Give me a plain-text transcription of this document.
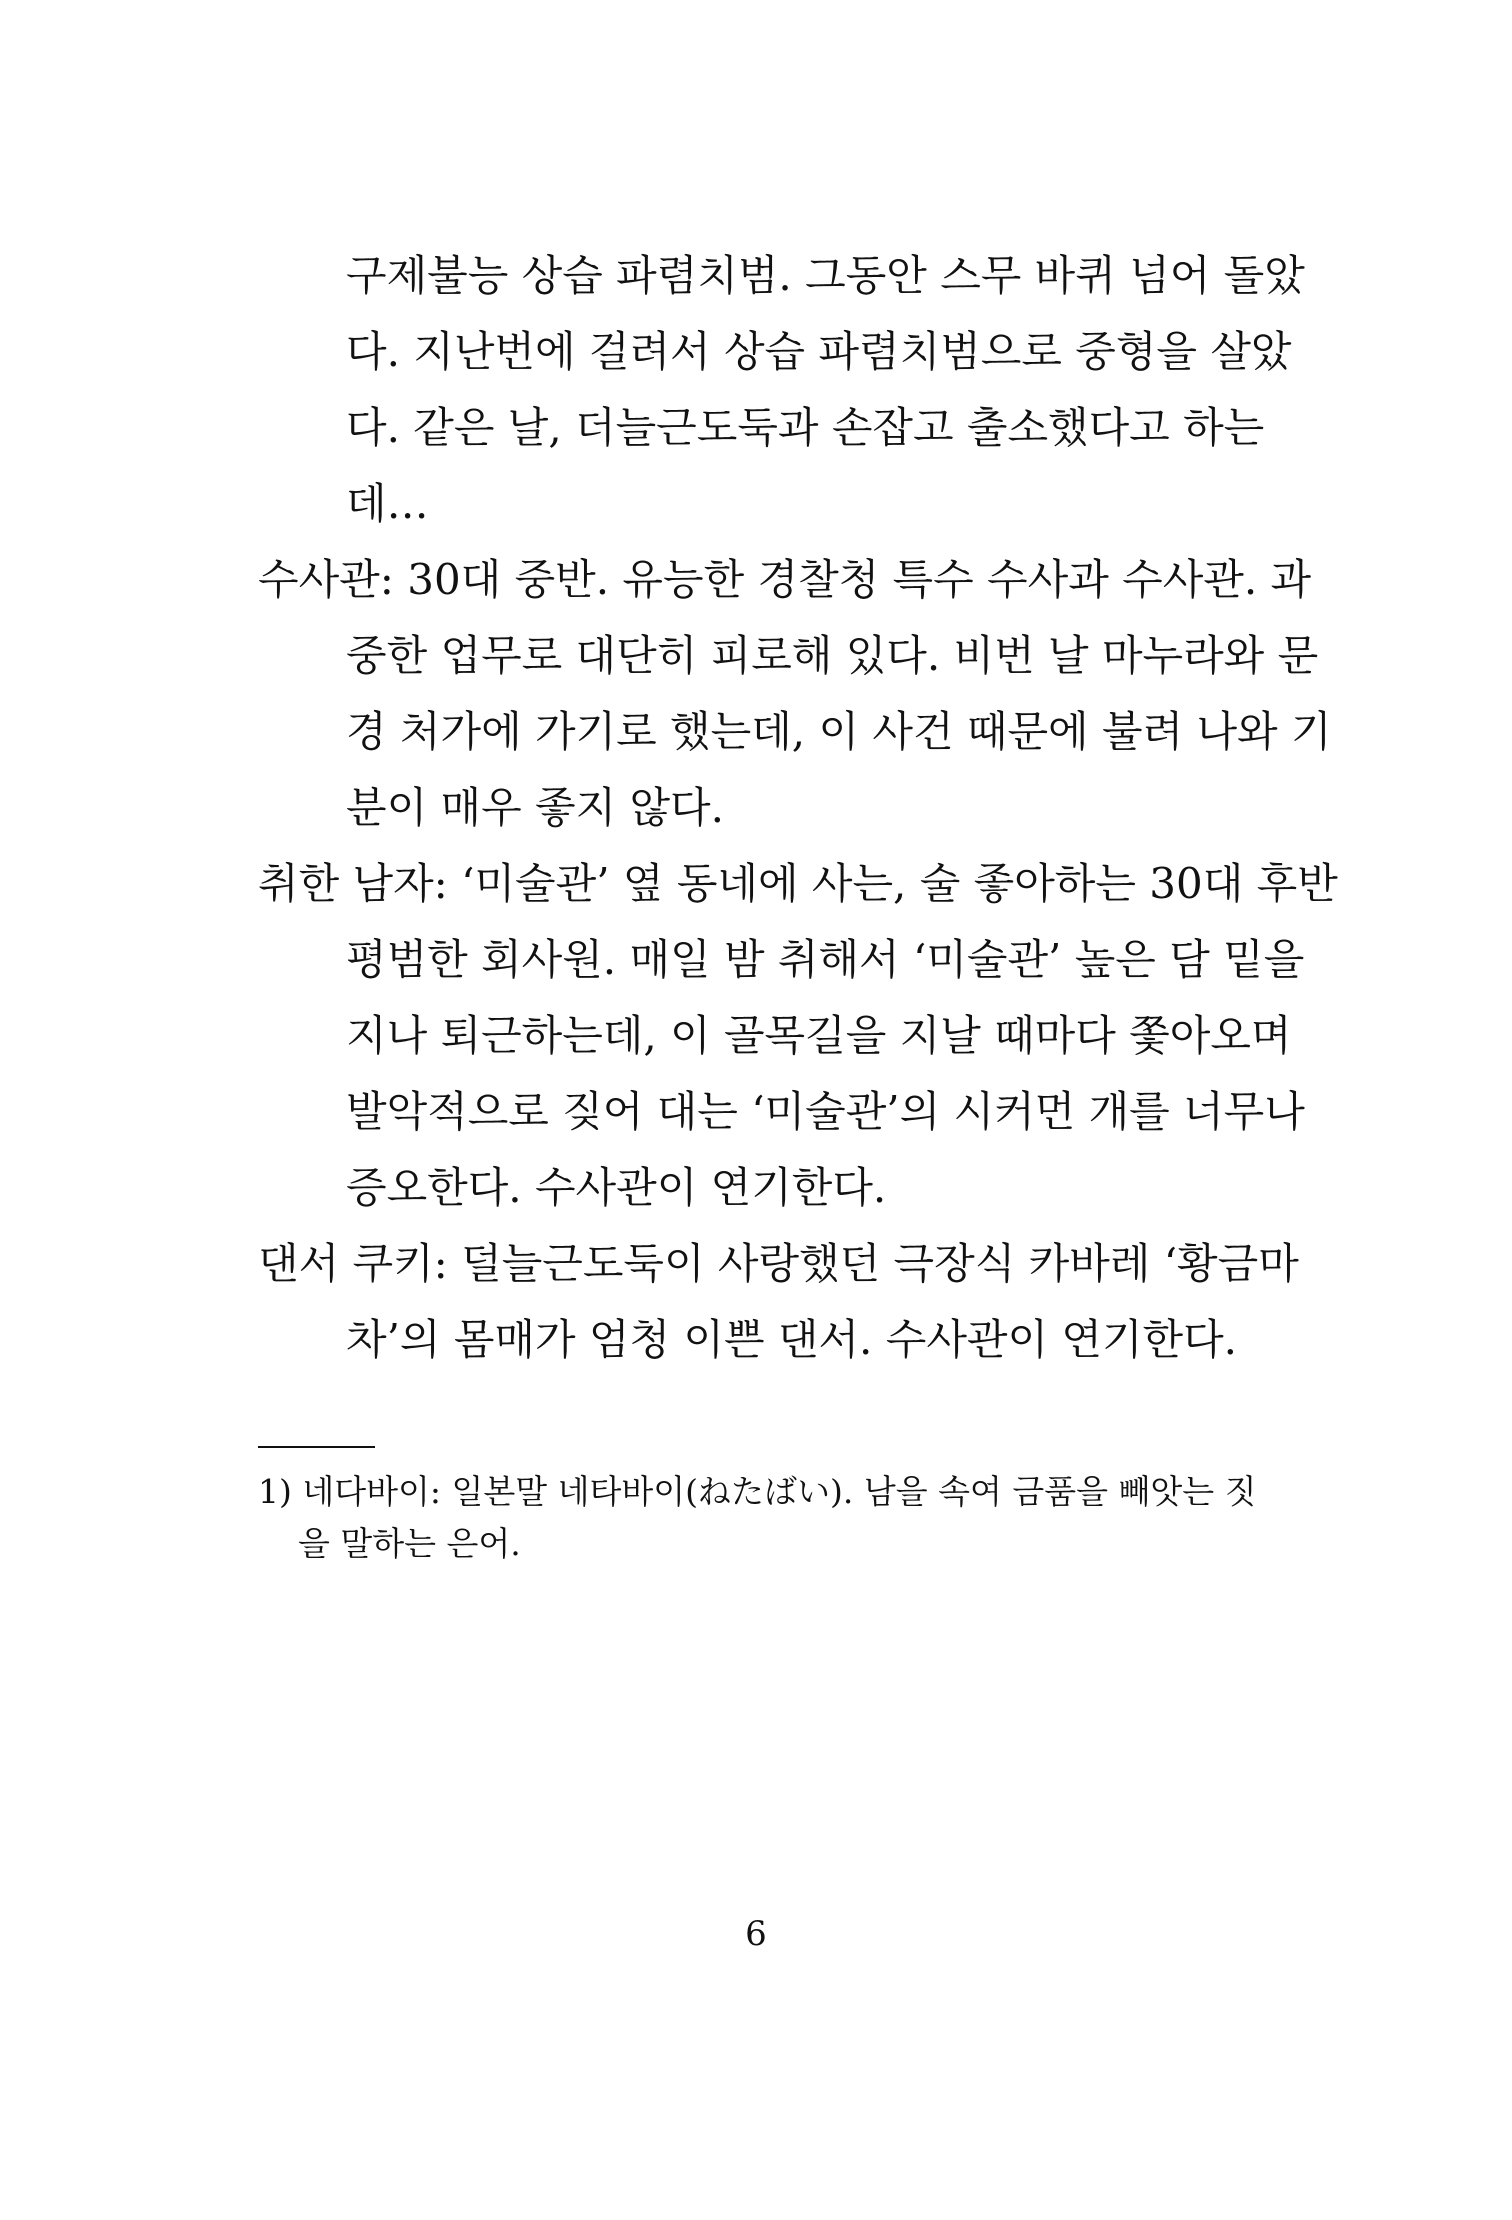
구제불능 상습 파렴치범. 그동안 스무 바퀴 넘어 돌았
다. 지난번에 걸려서 상습 파렴치범으로 중형을 살았
다. 같은 날, 더늘근도둑과 손잡고 출소했다고 하는
데…
수사관: 30대 중반. 유능한 경찰청 특수 수사과 수사관. 과
중한 업무로 대단히 피로해 있다. 비번 날 마누라와 문
경 처가에 가기로 했는데, 이 사건 때문에 불려 나와 기
분이 매우 좋지 않다.
취한 남자: ‘미술관’ 옆 동네에 사는, 술 좋아하는 30대 후반
평범한 회사원. 매일 밤 취해서 ‘미술관’ 높은 담 밑을
지나 퇴근하는데, 이 골목길을 지날 때마다 쫓아오며
발악적으로 짖어 대는 ‘미술관’의 시커먼 개를 너무나
증오한다. 수사관이 연기한다.
댄서 쿠키: 덜늘근도둑이 사랑했던 극장식 카바레 ‘황금마
차’의 몸매가 엄청 이쁜 댄서. 수사관이 연기한다.
1) 네다바이: 일본말 네타바이(ねたばい). 남을 속여 금품을 빼앗는 짓
을 말하는 은어.
6
